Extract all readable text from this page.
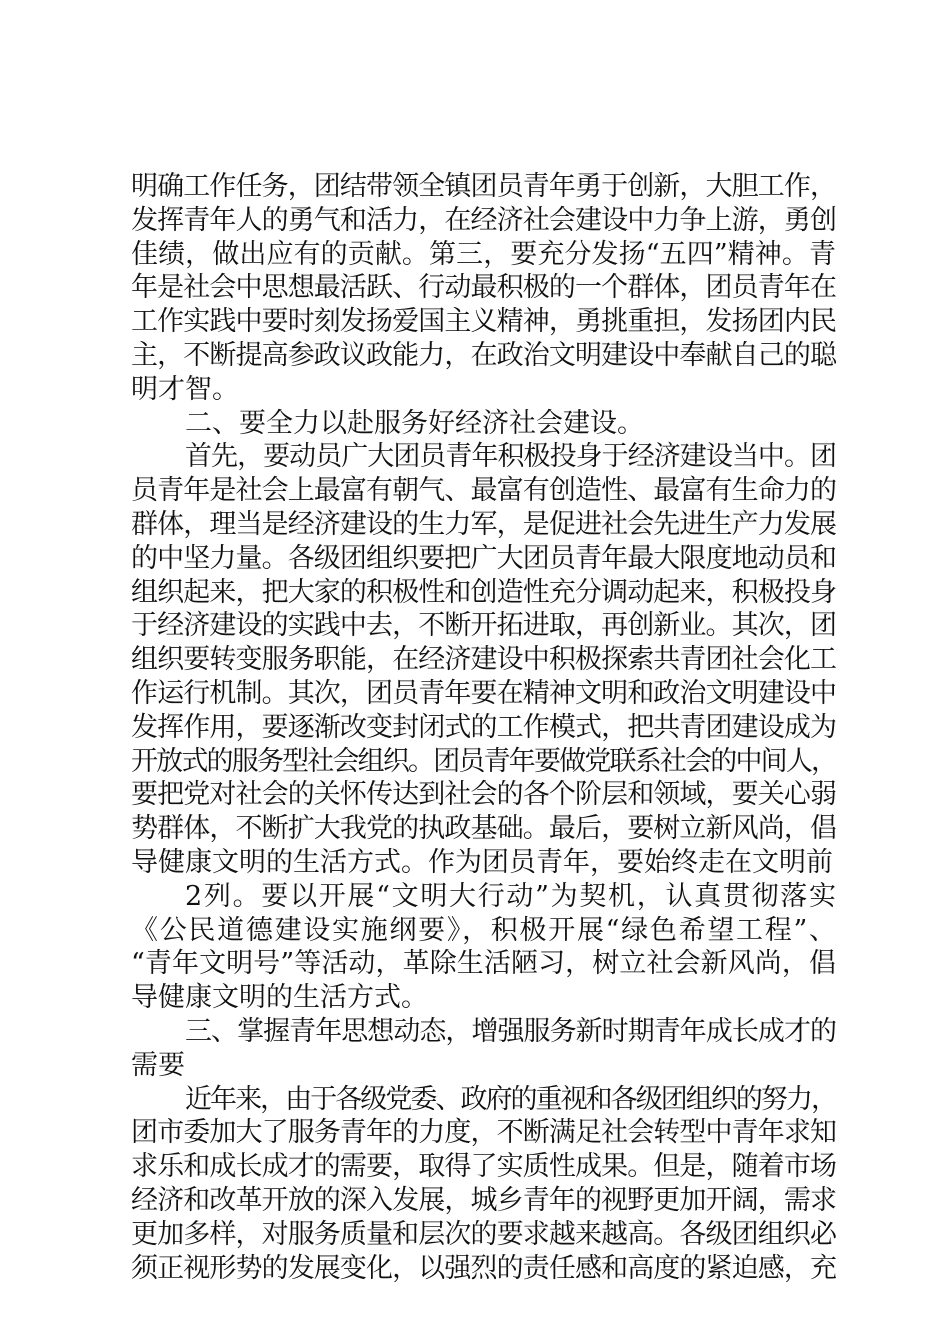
明确工作任务，团结带领全镇团员青年勇于创新，大胆工作，
发挥青年人的勇气和活力，在经济社会建设中力争上游，勇创
佳绩，做出应有的贡献。第三，要充分发扬“五四”精神。青
年是社会中思想最活跃、行动最积极的一个群体，团员青年在
工作实践中要时刻发扬爱国主义精神，勇挑重担，发扬团内民
主，不断提高参政议政能力，在政治文明建设中奉献自己的聪
明才智。
二、要全力以赴服务好经济社会建设。
首先，要动员广大团员青年积极投身于经济建设当中。团
员青年是社会上最富有朝气、最富有创造性、最富有生命力的
群体，理当是经济建设的生力军，是促进社会先进生产力发展
的中坚力量。各级团组织要把广大团员青年最大限度地动员和
组织起来，把大家的积极性和创造性充分调动起来，积极投身
于经济建设的实践中去，不断开拓进取，再创新业。其次，团
组织要转变服务职能，在经济建设中积极探索共青团社会化工
作运行机制。其次，团员青年要在精神文明和政治文明建设中
发挥作用，要逐渐改变封闭式的工作模式，把共青团建设成为
开放式的服务型社会组织。团员青年要做党联系社会的中间人，
要把党对社会的关怀传达到社会的各个阶层和领域，要关心弱
势群体，不断扩大我党的执政基础。最后，要树立新风尚，倡
导健康文明的生活方式。作为团员青年，要始终走在文明前
2列。要以开展“文明大行动”为契机，认真贯彻落实
《公民道德建设实施纲要》，积极开展“绿色希望工程”、
“青年文明号”等活动，革除生活陋习，树立社会新风尚，倡
导健康文明的生活方式。
三、掌握青年思想动态，增强服务新时期青年成长成才的
需要
近年来，由于各级党委、政府的重视和各级团组织的努力，
团市委加大了服务青年的力度，不断满足社会转型中青年求知
求乐和成长成才的需要，取得了实质性成果。但是，随着市场
经济和改革开放的深入发展，城乡青年的视野更加开阔，需求
更加多样，对服务质量和层次的要求越来越高。各级团组织必
须正视形势的发展变化，以强烈的责任感和高度的紧迫感，充
